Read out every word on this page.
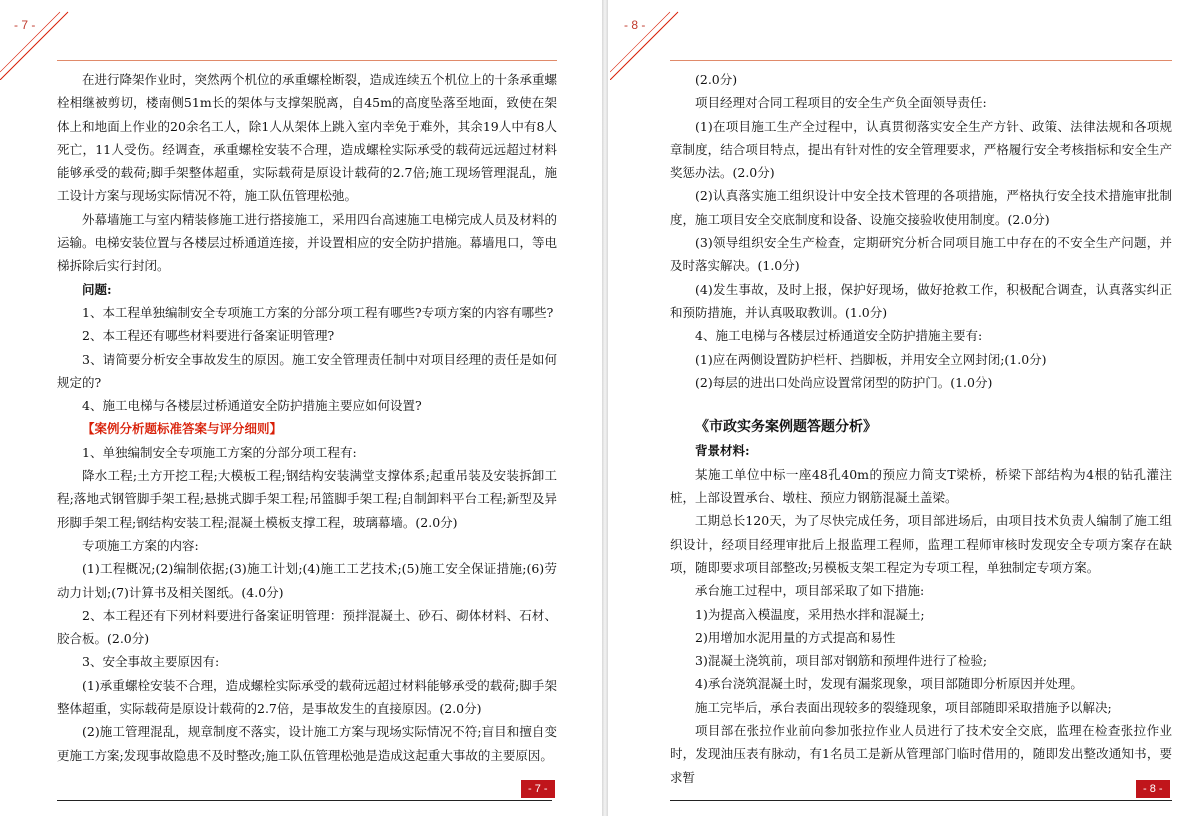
- 7 -

在进行降架作业时，突然两个机位的承重螺栓断裂，造成连续五个机位上的十条承重螺栓相继被剪切，楼南侧51m长的架体与支撑架脱离，自45m的高度坠落至地面，致使在架体上和地面上作业的20余名工人，除1人从架体上跳入室内幸免于难外，其余19人中有8人死亡，11人受伤。经调查，承重螺栓安装不合理，造成螺栓实际承受的载荷远远超过材料能够承受的载荷;脚手架整体超重，实际载荷是原设计载荷的2.7倍;施工现场管理混乱，施工设计方案与现场实际情况不符，施工队伍管理松弛。

外幕墙施工与室内精装修施工进行搭接施工，采用四台高速施工电梯完成人员及材料的运输。电梯安装位置与各楼层过桥通道连接，并设置相应的安全防护措施。幕墙甩口，等电梯拆除后实行封闭。

问题:

1、本工程单独编制安全专项施工方案的分部分项工程有哪些?专项方案的内容有哪些?

2、本工程还有哪些材料要进行备案证明管理?

3、请简要分析安全事故发生的原因。施工安全管理责任制中对项目经理的责任是如何规定的?

4、施工电梯与各楼层过桥通道安全防护措施主要应如何设置?

【案例分析题标准答案与评分细则】

1、单独编制安全专项施工方案的分部分项工程有:

降水工程;土方开挖工程;大模板工程;钢结构安装满堂支撑体系;起重吊装及安装拆卸工程;落地式钢管脚手架工程;悬挑式脚手架工程;吊篮脚手架工程;自制卸料平台工程;新型及异形脚手架工程;钢结构安装工程;混凝土模板支撑工程，玻璃幕墙。(2.0分)

专项施工方案的内容:

(1)工程概况;(2)编制依据;(3)施工计划;(4)施工工艺技术;(5)施工安全保证措施;(6)劳动力计划;(7)计算书及相关图纸。(4.0分)

2、本工程还有下列材料要进行备案证明管理：预拌混凝土、砂石、砌体材料、石材、胶合板。(2.0分)

3、安全事故主要原因有:

(1)承重螺栓安装不合理，造成螺栓实际承受的载荷远超过材料能够承受的载荷;脚手架整体超重，实际载荷是原设计载荷的2.7倍，是事故发生的直接原因。(2.0分)

(2)施工管理混乱，规章制度不落实，设计施工方案与现场实际情况不符;盲目和擅自变更施工方案;发现事故隐患不及时整改;施工队伍管理松弛是造成这起重大事故的主要原因。

- 7 -
- 8 -

(2.0分)

项目经理对合同工程项目的安全生产负全面领导责任:

(1)在项目施工生产全过程中，认真贯彻落实安全生产方针、政策、法律法规和各项规章制度，结合项目特点，提出有针对性的安全管理要求，严格履行安全考核指标和安全生产奖惩办法。(2.0分)

(2)认真落实施工组织设计中安全技术管理的各项措施，严格执行安全技术措施审批制度，施工项目安全交底制度和设备、设施交接验收使用制度。(2.0分)

(3)领导组织安全生产检查，定期研究分析合同项目施工中存在的不安全生产问题，并及时落实解决。(1.0分)

(4)发生事故，及时上报，保护好现场，做好抢救工作，积极配合调查，认真落实纠正和预防措施，并认真吸取教训。(1.0分)

4、施工电梯与各楼层过桥通道安全防护措施主要有:

(1)应在两侧设置防护栏杆、挡脚板，并用安全立网封闭;(1.0分)

(2)每层的进出口处尚应设置常闭型的防护门。(1.0分)

《市政实务案例题答题分析》

背景材料:

某施工单位中标一座48孔40m的预应力简支T梁桥，桥梁下部结构为4根的钻孔灌注桩，上部设置承台、墩柱、预应力钢筋混凝土盖梁。

工期总长120天，为了尽快完成任务，项目部进场后，由项目技术负责人编制了施工组织设计，经项目经理审批后上报监理工程师，监理工程师审核时发现安全专项方案存在缺项，随即要求项目部整改;另模板支架工程定为专项工程，单独制定专项方案。

承台施工过程中，项目部采取了如下措施:

1)为提高入模温度，采用热水拌和混凝土;

2)用增加水泥用量的方式提高和易性

3)混凝土浇筑前，项目部对钢筋和预埋件进行了检验;

4)承台浇筑混凝土时，发现有漏浆现象，项目部随即分析原因并处理。

施工完毕后，承台表面出现较多的裂缝现象，项目部随即采取措施予以解决;

项目部在张拉作业前向参加张拉作业人员进行了技术安全交底，监理在检查张拉作业时，发现油压表有脉动，有1名员工是新从管理部门临时借用的，随即发出整改通知书，要求暂

- 8 -
